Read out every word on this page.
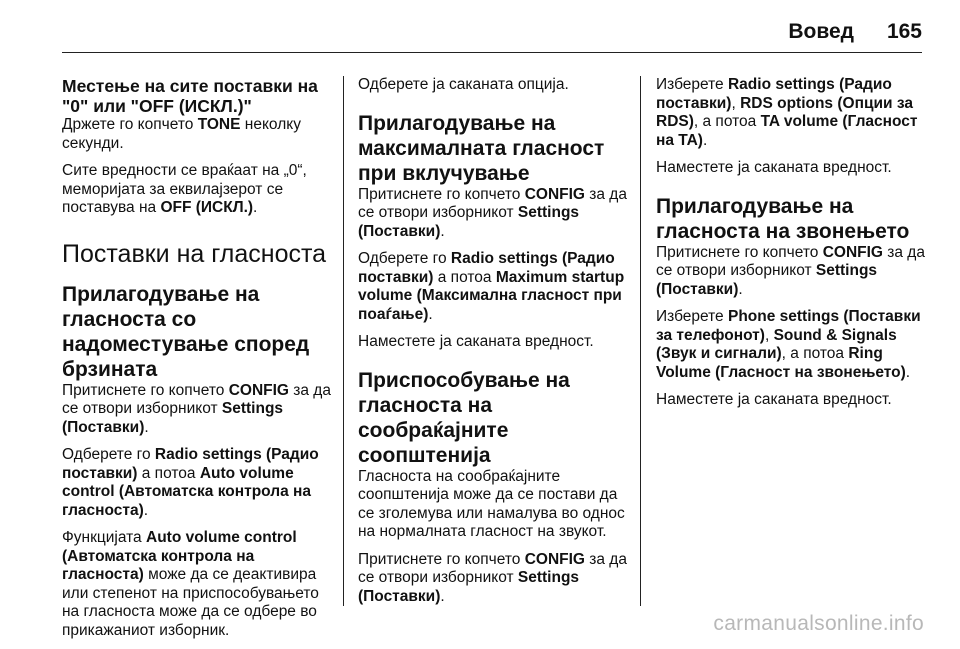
Вовед 165
Местење на сите поставки на "0" или "OFF (ИСКЛ.)"

Држете го копчето TONE неколку секунди.

Сите вредности се враќаат на „0“, меморијата за еквилајзерот се поставува на OFF (ИСКЛ.).

Поставки на гласноста
Прилагодување на гласноста со надоместување според брзината

Притиснете го копчето CONFIG за да се отвори изборникот Settings (Поставки).

Одберете го Radio settings (Радио поставки) а потоа Auto volume control (Автоматска контрола на гласноста).

Функцијата Auto volume control (Автоматска контрола на гласноста) може да се деактивира или степенот на приспособувањето на гласноста може да се одбере во прикажаниот изборник.

Одберете ја саканата опција.

Прилагодување на максималната гласност при вклучување

Притиснете го копчето CONFIG за да се отвори изборникот Settings (Поставки).

Одберете го Radio settings (Радио поставки) а потоа Maximum startup volume (Максимална гласност при поаѓање).

Наместете ја саканата вредност.

Приспособување на гласноста на сообраќајните соопштенија

Гласноста на сообраќајните соопштенија може да се постави да се зголемува или намалува во однос на нормалната гласност на звукот.

Притиснете го копчето CONFIG за да се отвори изборникот Settings (Поставки).

Изберете Radio settings (Радио поставки), RDS options (Опции за RDS), а потоа TA volume (Гласност на TA).

Наместете ја саканата вредност.

Прилагодување на гласноста на звонењето

Притиснете го копчето CONFIG за да се отвори изборникот Settings (Поставки).

Изберете Phone settings (Поставки за телефонот), Sound & Signals (Звук и сигнали), а потоа Ring Volume (Гласност на звонењето).

Наместете ја саканата вредност.

carmanualsonline.info
